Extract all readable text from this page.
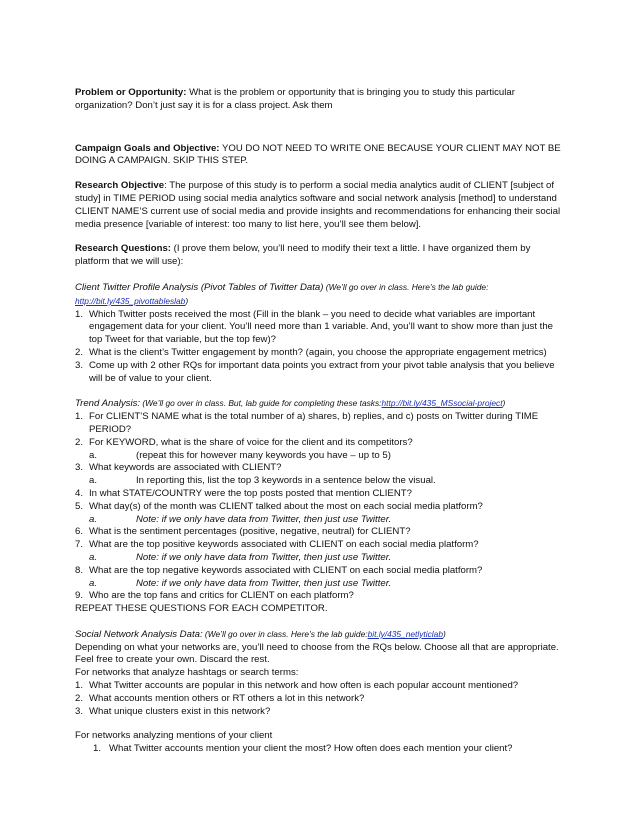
Problem or Opportunity: What is the problem or opportunity that is bringing you to study this particular organization? Don’t just say it is for a class project. Ask them

Campaign Goals and Objective: YOU DO NOT NEED TO WRITE ONE BECAUSE YOUR CLIENT MAY NOT BE DOING A CAMPAIGN. SKIP THIS STEP.

Research Objective: The purpose of this study is to perform a social media analytics audit of CLIENT [subject of study] in TIME PERIOD using social media analytics software and social network analysis [method] to understand CLIENT NAME’S current use of social media and provide insights and recommendations for enhancing their social media presence [variable of interest: too many to list here, you’ll see them below].

Research Questions: (I prove them below, you’ll need to modify their text a little. I have organized them by platform that we will use):

Client Twitter Profile Analysis (Pivot Tables of Twitter Data) (We’ll go over in class. Here’s the lab guide:
http://bit.ly/435_pivottableslab)

1. Which Twitter posts received the most (Fill in the blank – you need to decide what variables are important engagement data for your client. You’ll need more than 1 variable. And, you’ll want to show more than just the top Tweet for that variable, but the top few)?
2. What is the client’s Twitter engagement by month? (again, you choose the appropriate engagement metrics)
3. Come up with 2 other RQs for important data points you extract from your pivot table analysis that you believe will be of value to your client.

Trend Analysis: (We’ll go over in class. But, lab guide for completing these tasks:http://bit.ly/435_MSsocial-project)

1. For CLIENT’S NAME what is the total number of a) shares, b) replies, and c) posts on Twitter during TIME PERIOD?
2. For KEYWORD, what is the share of voice for the client and its competitors?
a.	(repeat this for however many keywords you have – up to 5)
3. What keywords are associated with CLIENT?
a.	In reporting this, list the top 3 keywords in a sentence below the visual.
4. In what STATE/COUNTRY were the top posts posted that mention CLIENT?
5. What day(s) of the month was CLIENT talked about the most on each social media platform?
a.	Note: if we only have data from Twitter, then just use Twitter.
6. What is the sentiment percentages (positive, negative, neutral) for CLIENT?
7. What are the top positive keywords associated with CLIENT on each social media platform?
a.	Note: if we only have data from Twitter, then just use Twitter.
8. What are the top negative keywords associated with CLIENT on each social media platform?
a.	Note: if we only have data from Twitter, then just use Twitter.
9. Who are the top fans and critics for CLIENT on each platform?

REPEAT THESE QUESTIONS FOR EACH COMPETITOR.

Social Network Analysis Data: (We’ll go over in class. Here’s the lab guide:bit.ly/435_netlyticlab)

Depending on what your networks are, you’ll need to choose from the RQs below. Choose all that are appropriate. Feel free to create your own. Discard the rest.

For networks that analyze hashtags or search terms:

1. What Twitter accounts are popular in this network and how often is each popular account mentioned?
2. What accounts mention others or RT others a lot in this network?
3. What unique clusters exist in this network?

For networks analyzing mentions of your client

1. What Twitter accounts mention your client the most? How often does each mention your client?
